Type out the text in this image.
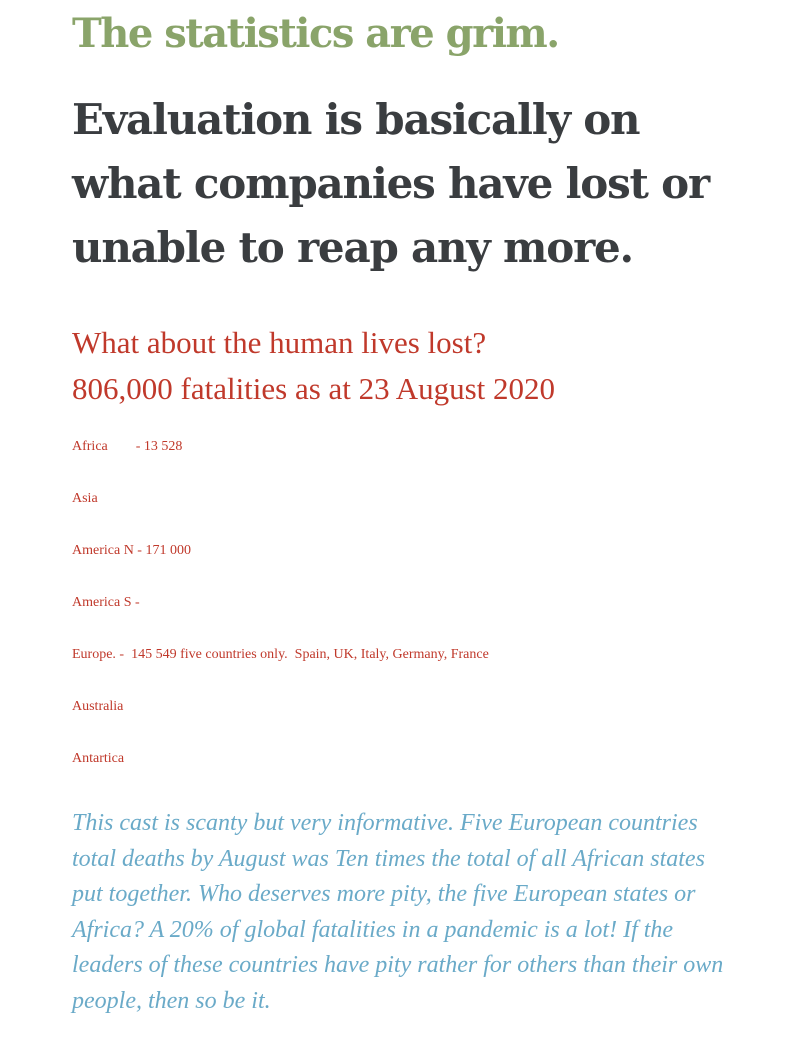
The statistics are grim.
Evaluation is basically on
what companies have lost or
unable to reap any more.
What about the human lives lost?
806,000 fatalities as at 23 August 2020
Africa        - 13 528
Asia
America N - 171 000
America S -
Europe. -  145 549 five countries only.  Spain, UK, Italy, Germany, France
Australia
Antartica

This cast is scanty but very informative. Five European countries total deaths by August was Ten times the total of all African states put together. Who deserves more pity, the five European states or Africa? A 20% of global fatalities in a pandemic is a lot! If the leaders of these countries have pity rather for others than their own people, then so be it.
